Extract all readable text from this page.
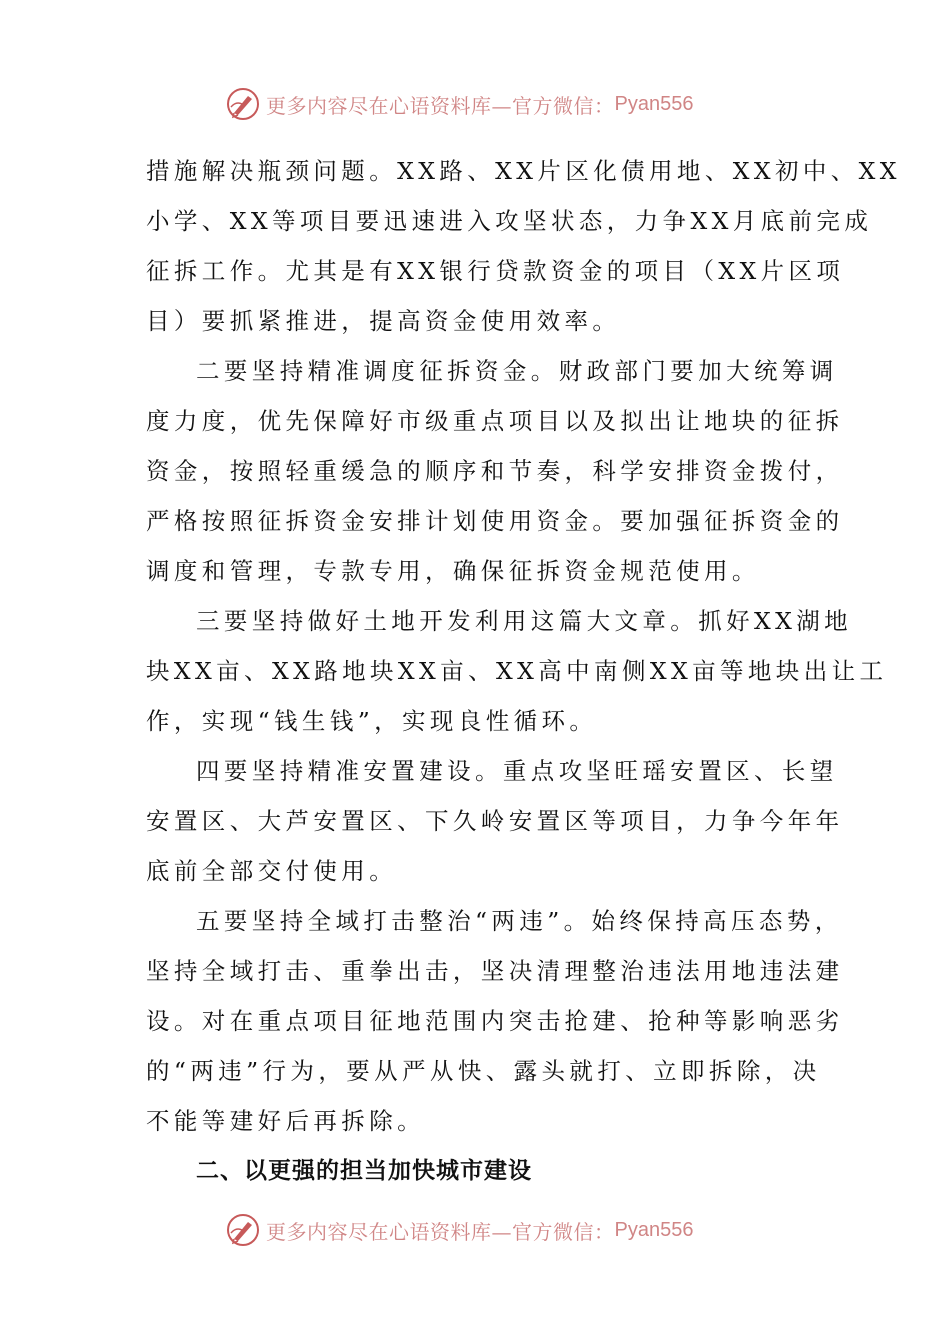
更多内容尽在心语资料库—官方微信： Pyan556
措施解决瓶颈问题。XX路、XX片区化债用地、XX初中、XX
小学、XX等项目要迅速进入攻坚状态，力争XX月底前完成
征拆工作。尤其是有XX银行贷款资金的项目（XX片区项
目）要抓紧推进，提高资金使用效率。
二要坚持精准调度征拆资金。财政部门要加大统筹调
度力度，优先保障好市级重点项目以及拟出让地块的征拆
资金，按照轻重缓急的顺序和节奏，科学安排资金拨付，
严格按照征拆资金安排计划使用资金。要加强征拆资金的
调度和管理，专款专用，确保征拆资金规范使用。
三要坚持做好土地开发利用这篇大文章。抓好XX湖地
块XX亩、XX路地块XX亩、XX高中南侧XX亩等地块出让工
作，实现“钱生钱”，实现良性循环。
四要坚持精准安置建设。重点攻坚旺瑶安置区、长望
安置区、大芦安置区、下久岭安置区等项目，力争今年年
底前全部交付使用。
五要坚持全域打击整治“两违”。始终保持高压态势，
坚持全域打击、重拳出击，坚决清理整治违法用地违法建
设。对在重点项目征地范围内突击抢建、抢种等影响恶劣
的“两违”行为，要从严从快、露头就打、立即拆除，决
不能等建好后再拆除。
二、以更强的担当加快城市建设
更多内容尽在心语资料库—官方微信： Pyan556
